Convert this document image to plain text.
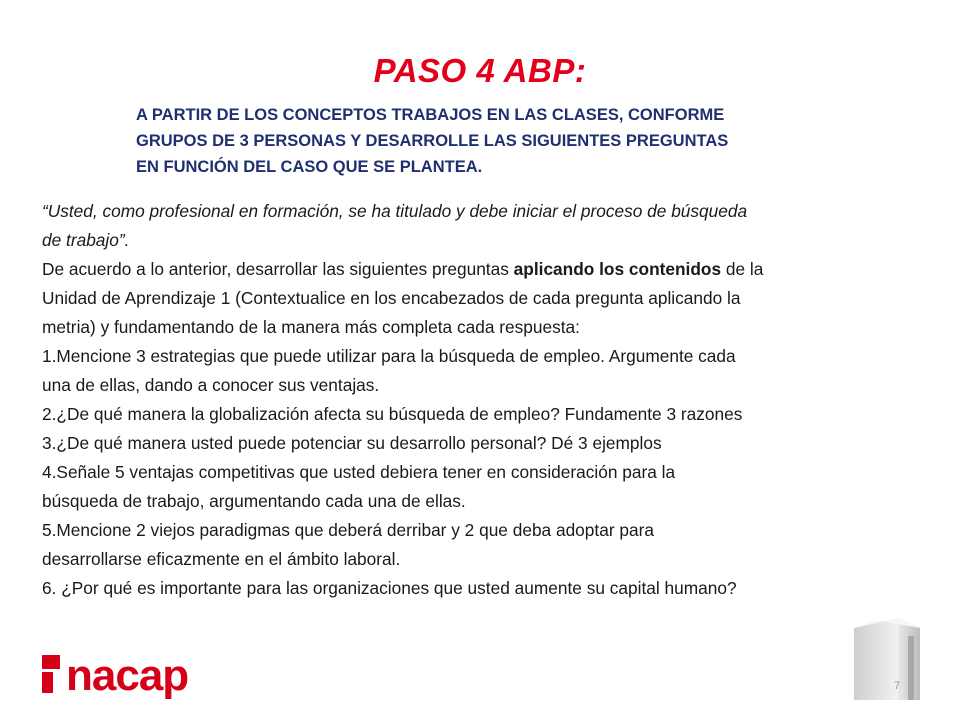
PASO 4 ABP:
A PARTIR DE LOS CONCEPTOS TRABAJOS EN LAS CLASES, CONFORME
GRUPOS DE 3 PERSONAS Y DESARROLLE LAS SIGUIENTES PREGUNTAS
EN FUNCIÓN DEL CASO QUE SE PLANTEA.
“Usted, como profesional en formación, se ha titulado y debe iniciar el proceso de búsqueda
de trabajo”.
De acuerdo a lo anterior, desarrollar las siguientes preguntas aplicando los contenidos de la
Unidad de Aprendizaje 1 (Contextualice en los encabezados de cada pregunta aplicando la
metria) y fundamentando de la manera más completa cada respuesta:
1.Mencione 3 estrategias que puede utilizar para la búsqueda de empleo. Argumente cada
una de ellas, dando a conocer sus ventajas.
2.¿De qué manera la globalización afecta su búsqueda de empleo? Fundamente 3 razones
3.¿De qué manera usted puede potenciar su desarrollo personal? Dé 3 ejemplos
4.Señale 5 ventajas competitivas que usted debiera tener en consideración para la
búsqueda de trabajo, argumentando cada una de ellas.
5.Mencione 2 viejos paradigmas que deberá derribar y 2 que deba adoptar para
desarrollarse eficazmente en el ámbito laboral.
6. ¿Por qué es importante para las organizaciones que usted aumente su capital humano?
nacap	7
